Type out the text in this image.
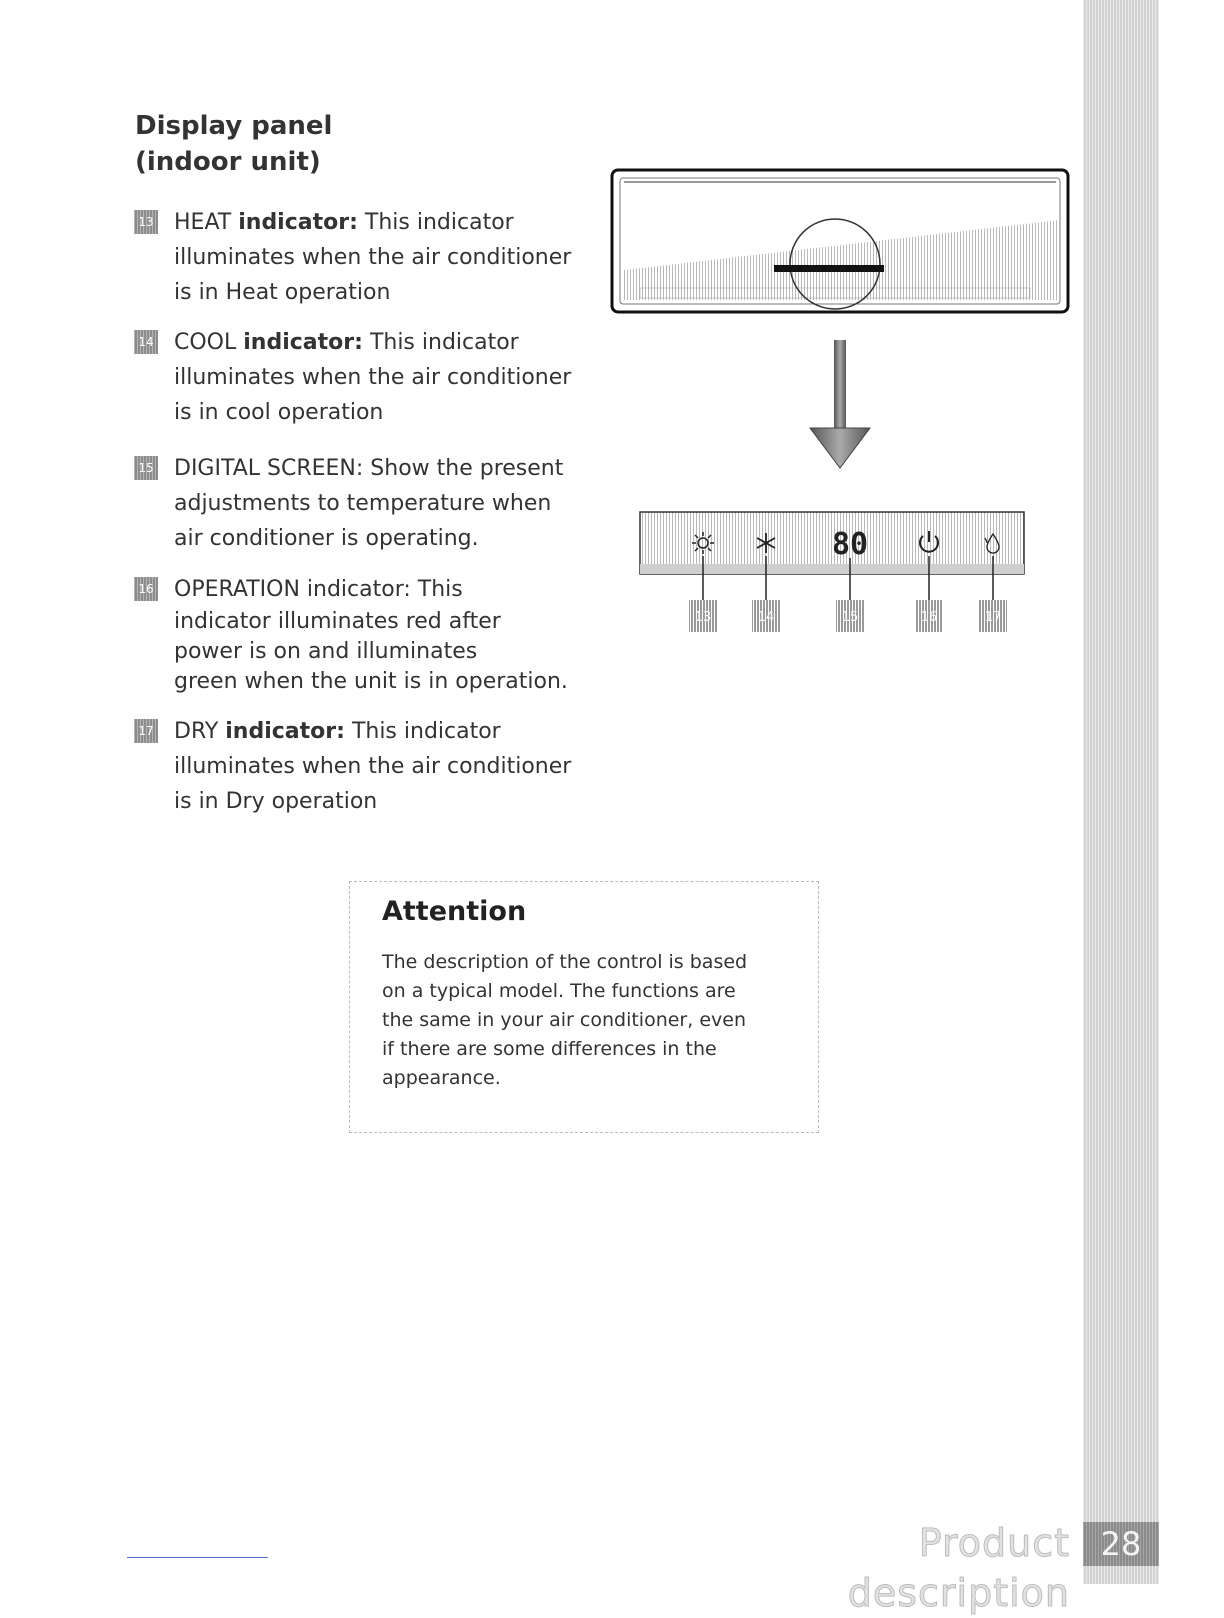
Display panel
(indoor unit)
13 HEAT indicator: This indicator
illuminates when the air conditioner
is in Heat operation
14 COOL indicator: This indicator
illuminates when the air conditioner
is in cool operation
15 DIGITAL SCREEN: Show the present
adjustments to temperature when
air conditioner is operating.
16 OPERATION indicator: This
indicator illuminates red after
power is on and illuminates
green when the unit is in operation.
17 DRY indicator: This indicator
illuminates when the air conditioner
is in Dry operation
80
13	14	15	16	17
Attention
The description of the control is based
on a typical model. The functions are
the same in your air conditioner, even
if there are some differences in the
appearance.
Product description
28
